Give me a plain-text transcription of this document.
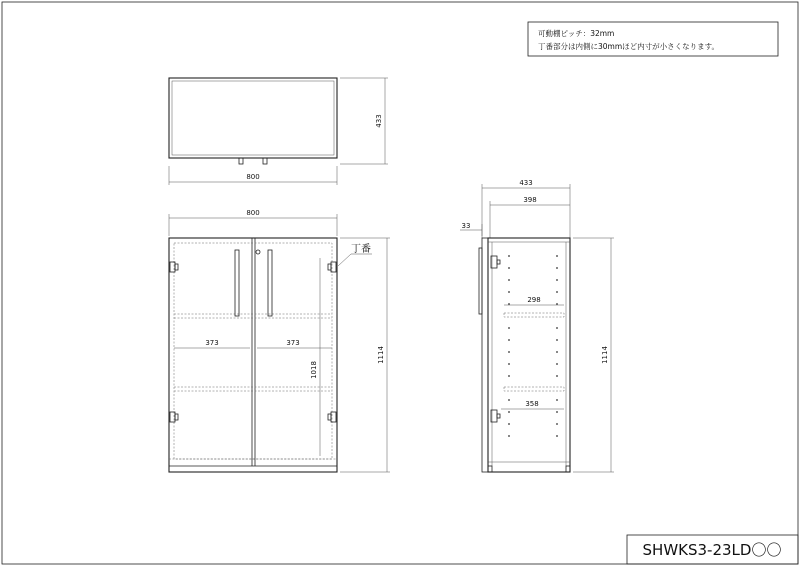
可動棚ピッチ：32mm
丁番部分は内側に30mmほど内寸が小さくなります。
800
433
800
丁番
373	373
1018
1114
433
398
33
298
358
1114
SHWKS3-23LD〇〇
